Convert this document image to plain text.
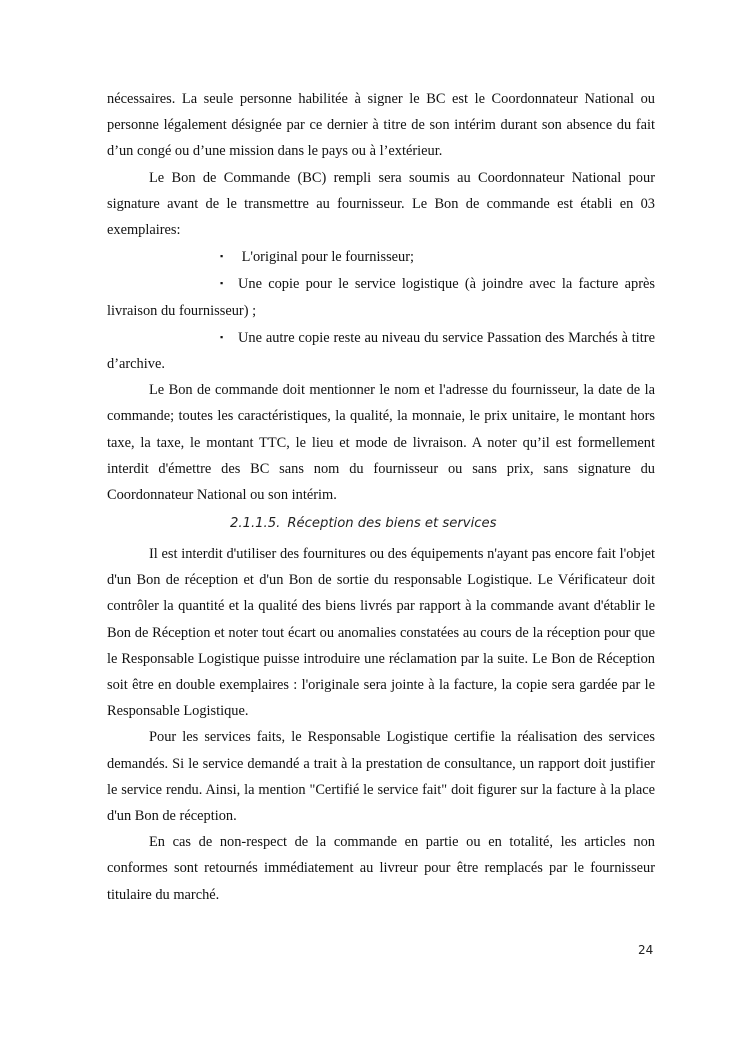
nécessaires. La seule personne habilitée à signer le BC est le Coordonnateur National ou personne légalement désignée par ce dernier à titre de son intérim durant son absence du fait d’un congé ou d’une mission dans le pays ou à l’extérieur.

Le Bon de Commande (BC) rempli sera soumis au Coordonnateur National pour signature avant de le transmettre au fournisseur. Le Bon de commande est établi en 03 exemplaires:

▪ L'original pour le fournisseur;

▪ Une copie pour le service logistique (à joindre avec la facture après livraison du fournisseur) ;

▪ Une autre copie reste au niveau du service Passation des Marchés à titre d’archive.

Le Bon de commande doit mentionner le nom et l'adresse du fournisseur, la date de la commande; toutes les caractéristiques, la qualité, la monnaie, le prix unitaire, le montant hors taxe, la taxe, le montant TTC, le lieu et mode de livraison. A noter qu’il est formellement interdit d'émettre des BC sans nom du fournisseur ou sans prix, sans signature du Coordonnateur National ou son intérim.

2.1.1.5. Réception des biens et services

Il est interdit d'utiliser des fournitures ou des équipements n'ayant pas encore fait l'objet d'un Bon de réception et d'un Bon de sortie du responsable Logistique. Le Vérificateur doit contrôler la quantité et la qualité des biens livrés par rapport à la commande avant d'établir le Bon de Réception et noter tout écart ou anomalies constatées au cours de la réception pour que le Responsable Logistique puisse introduire une réclamation par la suite. Le Bon de Réception soit être en double exemplaires : l'originale sera jointe à la facture, la copie sera gardée par le Responsable Logistique.

Pour les services faits, le Responsable Logistique certifie la réalisation des services demandés. Si le service demandé a trait à la prestation de consultance, un rapport doit justifier le service rendu. Ainsi, la mention "Certifié le service fait" doit figurer sur la facture à la place d'un Bon de réception.

En cas de non-respect de la commande en partie ou en totalité, les articles non conformes sont retournés immédiatement au livreur pour être remplacés par le fournisseur titulaire du marché.

24
